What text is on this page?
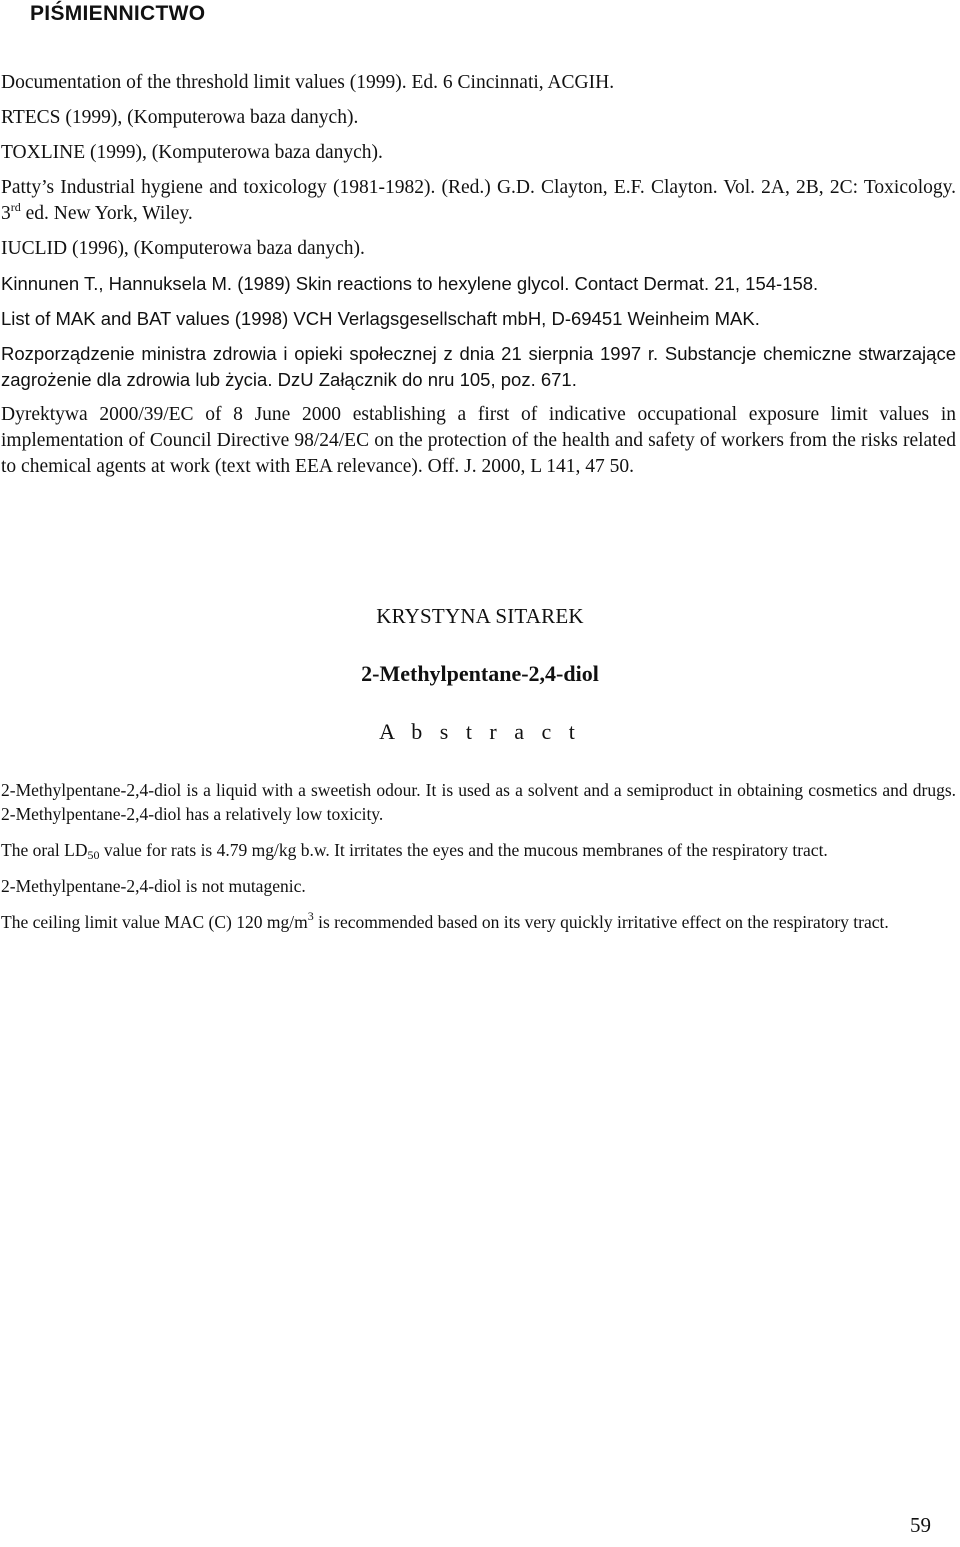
PIŚMIENNICTWO
Documentation of the threshold limit values (1999). Ed. 6 Cincinnati, ACGIH.
RTECS (1999), (Komputerowa baza danych).
TOXLINE (1999), (Komputerowa baza danych).
Patty’s Industrial hygiene and toxicology (1981-1982). (Red.) G.D. Clayton, E.F. Clayton. Vol. 2A, 2B, 2C: Toxicology. 3rd ed. New York, Wiley.
IUCLID (1996), (Komputerowa baza danych).
Kinnunen T., Hannuksela M. (1989) Skin reactions to hexylene glycol. Contact Dermat. 21, 154-158.
List of MAK and BAT values (1998) VCH Verlagsgesellschaft mbH, D-69451 Weinheim MAK.
Rozporządzenie ministra zdrowia i opieki społecznej z dnia 21 sierpnia 1997 r. Substancje chemiczne stwarzające zagrożenie dla zdrowia lub życia. DzU Załącznik do nru 105, poz. 671.
Dyrektywa 2000/39/EC of 8 June 2000 establishing a first of indicative occupational exposure limit values in implementation of Council Directive 98/24/EC on the protection of the health and safety of workers from the risks related to chemical agents at work (text with EEA relevance). Off. J. 2000, L 141, 47 50.
KRYSTYNA SITAREK
2-Methylpentane-2,4-diol
A b s t r a c t

2-Methylpentane-2,4-diol is a liquid with a sweetish odour. It is used as a solvent and a semiproduct in obtaining cosmetics and drugs. 2-Methylpentane-2,4-diol has a relatively low toxicity.

The oral $LD_{50}$ value for rats is 4.79 mg/kg b.w. It irritates the eyes and the mucous membranes of the respiratory tract.

2-Methylpentane-2,4-diol is not mutagenic.

The ceiling limit value MAC (C) 120 $mg/m^3$ is recommended based on its very quickly irritative effect on the respiratory tract.

59
